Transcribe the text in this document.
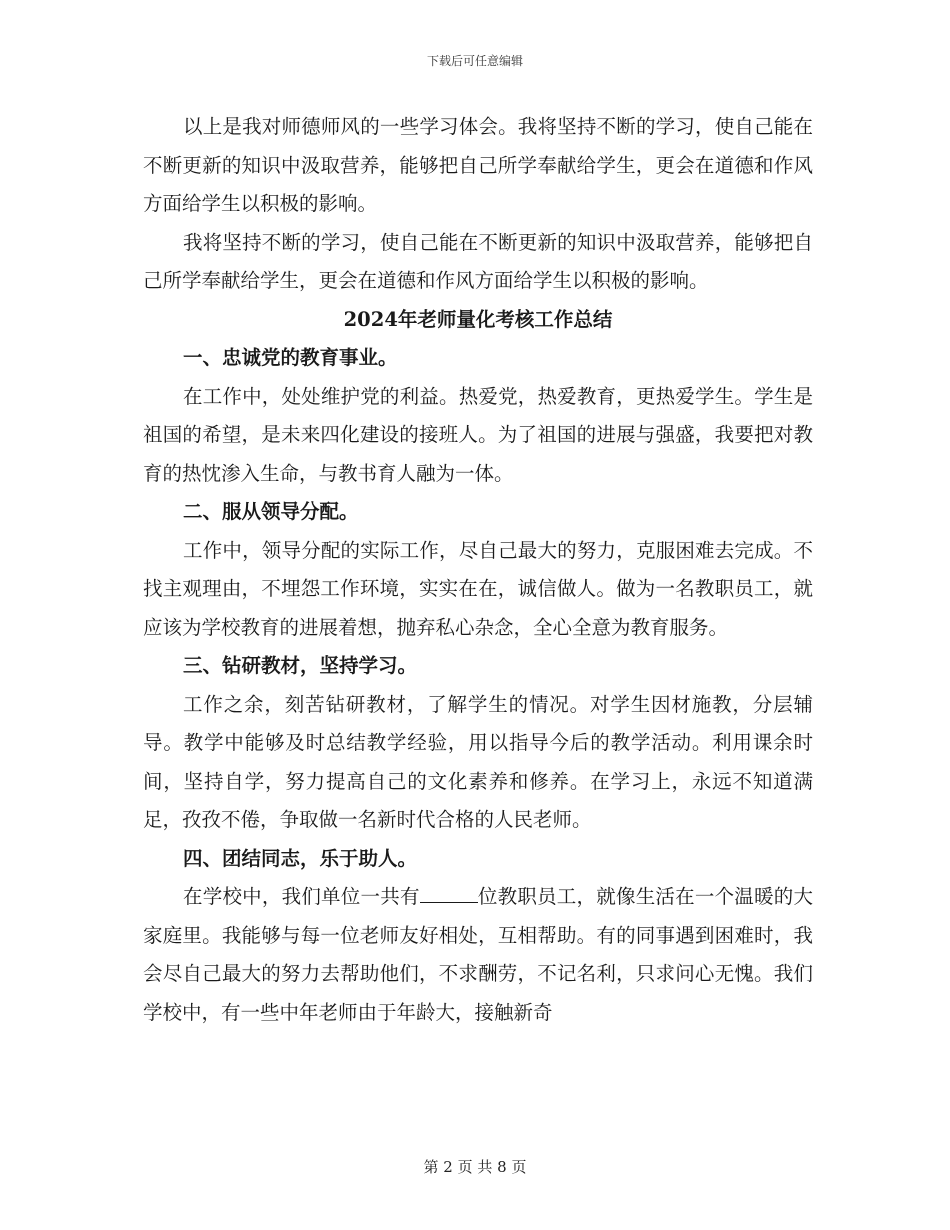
下载后可任意编辑

以上是我对师德师风的一些学习体会。我将坚持不断的学习，使自己能在不断更新的知识中汲取营养，能够把自己所学奉献给学生，更会在道德和作风方面给学生以积极的影响。

我将坚持不断的学习，使自己能在不断更新的知识中汲取营养，能够把自己所学奉献给学生，更会在道德和作风方面给学生以积极的影响。

2024年老师量化考核工作总结

一、忠诚党的教育事业。

在工作中，处处维护党的利益。热爱党，热爱教育，更热爱学生。学生是祖国的希望，是未来四化建设的接班人。为了祖国的进展与强盛，我要把对教育的热忱渗入生命，与教书育人融为一体。

二、服从领导分配。

工作中，领导分配的实际工作，尽自己最大的努力，克服困难去完成。不找主观理由，不埋怨工作环境，实实在在，诚信做人。做为一名教职员工，就应该为学校教育的进展着想，抛弃私心杂念，全心全意为教育服务。

三、钻研教材，坚持学习。

工作之余，刻苦钻研教材，了解学生的情况。对学生因材施教，分层辅导。教学中能够及时总结教学经验，用以指导今后的教学活动。利用课余时间，坚持自学，努力提高自己的文化素养和修养。在学习上，永远不知道满足，孜孜不倦，争取做一名新时代合格的人民老师。

四、团结同志，乐于助人。

在学校中，我们单位一共有	位教职员工，就像生活在一个温暖的大家庭里。我能够与每一位老师友好相处，互相帮助。有的同事遇到困难时，我会尽自己最大的努力去帮助他们，不求酬劳，不记名利，只求问心无愧。我们学校中，有一些中年老师由于年龄大，接触新奇

第 2 页 共 8 页
